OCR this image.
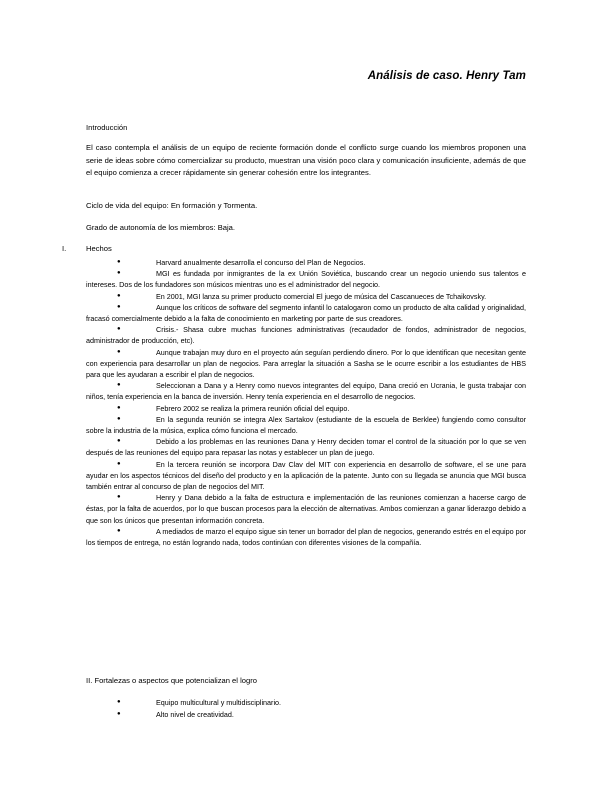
Análisis de caso. Henry Tam
Introducción
El caso contempla el análisis de un equipo de reciente formación donde el conflicto surge cuando los miembros proponen una serie de ideas sobre cómo comercializar su producto, muestran una visión poco clara y comunicación insuficiente, además de que el equipo comienza a crecer rápidamente sin generar cohesión entre los integrantes.
Ciclo de vida del equipo: En formación y Tormenta.
Grado de autonomía de los miembros: Baja.
I.	Hechos
●	Harvard anualmente desarrolla el concurso del Plan de Negocios.
●	MGI es fundada por inmigrantes de la ex Unión Soviética, buscando crear un negocio uniendo sus talentos e intereses. Dos de los fundadores son músicos mientras uno es el administrador del negocio.
●	En 2001, MGI lanza su primer producto comercial El juego de música del Cascanueces de Tchaikovsky.
●	Aunque los críticos de software del segmento infantil lo catalogaron como un producto de alta calidad y originalidad, fracasó comercialmente debido a la falta de conocimiento en marketing por parte de sus creadores.
●	Crisis.- Shasa cubre muchas funciones administrativas (recaudador de fondos, administrador de negocios, administrador de producción, etc).
●	Aunque trabajan muy duro en el proyecto aún seguían perdiendo dinero. Por lo que identifican que necesitan gente con experiencia para desarrollar un plan de negocios. Para arreglar la situación a Sasha se le ocurre escribir a los estudiantes de HBS para que les ayudaran a escribir el plan de negocios.
●	Seleccionan a Dana y a Henry como nuevos integrantes del equipo, Dana creció en Ucrania, le gusta trabajar con niños, tenía experiencia en la banca de inversión. Henry tenía experiencia en el desarrollo de negocios.
●	Febrero 2002 se realiza la primera reunión oficial del equipo.
●	En la segunda reunión se integra Alex Sartakov (estudiante de la escuela de Berklee) fungiendo como consultor sobre la industria de la música, explica cómo funciona el mercado.
●	Debido a los problemas en las reuniones Dana y Henry deciden tomar el control de la situación por lo que se ven después de las reuniones del equipo para repasar las notas y establecer un plan de juego.
●	En la tercera reunión se incorpora Dav Clav del MIT con experiencia en desarrollo de software, el se une para ayudar en los aspectos técnicos del diseño del producto y en la aplicación de la patente. Junto con su llegada se anuncia que MGI busca también entrar al concurso de plan de negocios del MIT.
●	Henry y Dana debido a la falta de estructura e implementación de las reuniones comienzan a hacerse cargo de éstas, por la falta de acuerdos, por lo que buscan procesos para la elección de alternativas. Ambos comienzan a ganar liderazgo debido a que son los únicos que presentan información concreta.
●	A mediados de marzo el equipo sigue sin tener un borrador del plan de negocios, generando estrés en el equipo por los tiempos de entrega, no están logrando nada, todos continúan con diferentes visiones de la compañía.
II. Fortalezas o aspectos que potencializan el logro
●	Equipo multicultural y multidisciplinario.
●	Alto nivel de creatividad.
